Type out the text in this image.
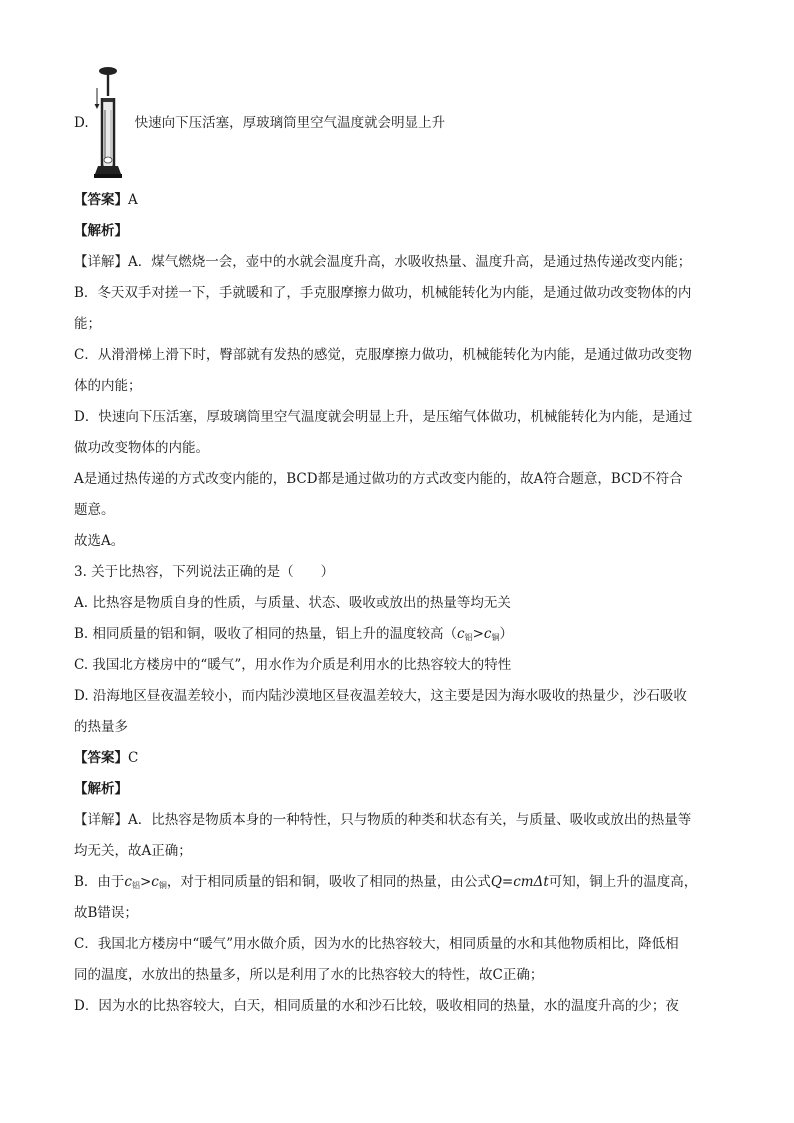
D.	快速向下压活塞，厚玻璃筒里空气温度就会明显上升
【答案】A
【解析】
【详解】A．煤气燃烧一会，壶中的水就会温度升高，水吸收热量、温度升高，是通过热传递改变内能；
B．冬天双手对搓一下，手就暖和了，手克服摩擦力做功，机械能转化为内能，是通过做功改变物体的内
能；
C．从滑滑梯上滑下时，臀部就有发热的感觉，克服摩擦力做功，机械能转化为内能，是通过做功改变物
体的内能；
D．快速向下压活塞，厚玻璃筒里空气温度就会明显上升，是压缩气体做功，机械能转化为内能，是通过
做功改变物体的内能。
A是通过热传递的方式改变内能的，BCD都是通过做功的方式改变内能的，故A符合题意，BCD不符合
题意。
故选A。
3. 关于比热容，下列说法正确的是（　　）
A. 比热容是物质自身的性质，与质量、状态、吸收或放出的热量等均无关
B. 相同质量的铝和铜，吸收了相同的热量，铝上升的温度较高$(c_铝>c_铜)$
C. 我国北方楼房中的“暖气”，用水作为介质是利用水的比热容较大的特性
D. 沿海地区昼夜温差较小，而内陆沙漠地区昼夜温差较大，这主要是因为海水吸收的热量少，沙石吸收
的热量多
【答案】C
【解析】
【详解】A．比热容是物质本身的一种特性，只与物质的种类和状态有关，与质量、吸收或放出的热量等
均无关，故A正确；
B．由于$c_铝>c_铜$，对于相同质量的铝和铜，吸收了相同的热量，由公式Q=cmΔt可知，铜上升的温度高，
故B错误；
C．我国北方楼房中“暖气”用水做介质，因为水的比热容较大，相同质量的水和其他物质相比，降低相
同的温度，水放出的热量多，所以是利用了水的比热容较大的特性，故C正确；
D．因为水的比热容较大，白天，相同质量的水和沙石比较，吸收相同的热量，水的温度升高的少；夜
